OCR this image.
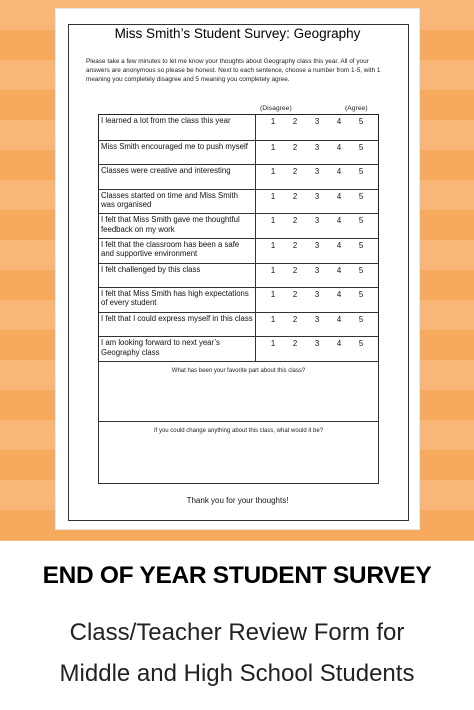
Miss Smith’s Student Survey: Geography
Please take a few minutes to let me know your thoughts about Geography class this year. All of your answers are anonymous so please be honest. Next to each sentence, choose a number from 1-5, with 1 meaning you completely disagree and 5 meaning you completely agree.
(Disagree)	(Agree)
I learned a lot from the class this year	1	2	3	4	5
Miss Smith encouraged me to push myself	1	2	3	4	5
Classes were creative and interesting	1	2	3	4	5
Classes started on time and Miss Smith was organised
1	2	3	4	5
I felt that Miss Smith gave me thoughtful feedback on my work
1	2	3	4	5
I felt that the classroom has been a safe and supportive environment
1	2	3	4	5
I felt challenged by this class	1	2	3	4	5
I felt that Miss Smith has high expectations of every student
1	2	3	4	5
I felt that I could express myself in this class	1	2	3	4	5
I am looking forward to next year’s Geography class
1	2	3	4	5
What has been your favorite part about this class?
If you could change anything about this class, what would it be?
Thank you for your thoughts!
END OF YEAR STUDENT SURVEY
Class/Teacher Review Form for
Middle and High School Students
